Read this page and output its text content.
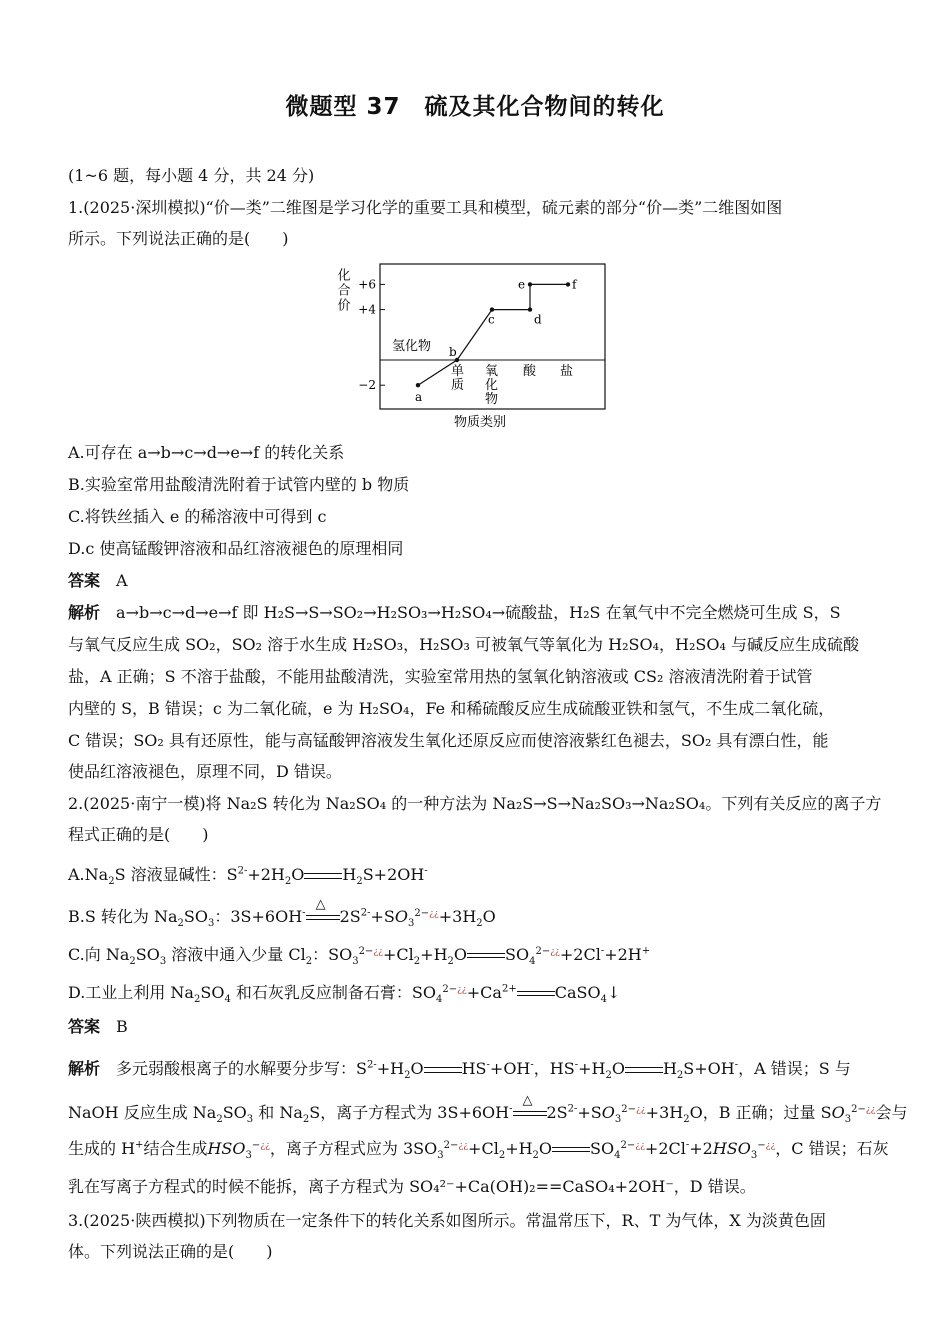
微题型 37　硫及其化合物间的转化
(1~6 题，每小题 4 分，共 24 分)
1.(2025·深圳模拟)“价—类”二维图是学习化学的重要工具和模型，硫元素的部分“价—类”二维图如图
所示。下列说法正确的是(　　)
化合价 +6
+4
−2
氢化物
单
质
氧
化
物
酸 盐
物质类别
a
b
c	d
e	f
A.可存在 a→b→c→d→e→f 的转化关系
B.实验室常用盐酸清洗附着于试管内壁的 b 物质
C.将铁丝插入 e 的稀溶液中可得到 c
D.c 使高锰酸钾溶液和品红溶液褪色的原理相同
答案　 A
解析　 a→b→c→d→e→f 即 H₂S→S→SO₂→H₂SO₃→H₂SO₄→硫酸盐，H₂S 在氧气中不完全燃烧可生成 S，S
与氧气反应生成 SO₂，SO₂ 溶于水生成 H₂SO₃，H₂SO₃ 可被氧气等氧化为 H₂SO₄，H₂SO₄ 与碱反应生成硫酸
盐，A 正确；S 不溶于盐酸，不能用盐酸清洗，实验室常用热的氢氧化钠溶液或 CS₂ 溶液清洗附着于试管
内壁的 S，B 错误；c 为二氧化硫，e 为 H₂SO₄，Fe 和稀硫酸反应生成硫酸亚铁和氢气，不生成二氧化硫，
C 错误；SO₂ 具有还原性，能与高锰酸钾溶液发生氧化还原反应而使溶液紫红色褪去，SO₂ 具有漂白性，能
使品红溶液褪色，原理不同，D 错误。
2.(2025·南宁一模)将 Na₂S 转化为 Na₂SO₄ 的一种方法为 Na₂S→S→Na₂SO₃→Na₂SO₄。下列有关反应的离子方
程式正确的是(　　)
$A.Na_2S$ 溶液显碱性：$S^{2-}+2H_2O$ $H_2S+2OH^-$
B.S 转化为 $Na_2SO_3$：3S+6OH-
△
$2S^{2-}+SO_3^{2-¿¿}+3H_2O$
C.向 $Na_2SO_3$ 溶液中通入少量 $Cl_2$：$SO_3^{2-¿¿}+Cl_2+H_2O$ $SO_4^{2-¿¿}+2Cl^-+2H^+$
D.工业上利用 $Na_2SO_4$ 和石灰乳反应制备石膏：$SO_4^{2-¿¿}+Ca^{2+}$ CaSO$_4$↓
答案　 B
解析　多元弱酸根离子的水解要分步写：$S^{2-}+H_2O$ HS-+OH-，$HS^-+H_2O$ $H_2S+OH^-$，A 错误；S 与
NaOH 反应生成 $Na_2SO_3$ 和 $Na_2S$，离子方程式为 3S+6OH-
△
$2S^{2-}+SO_3^{2-¿¿}+3H_2O$，B 正确；过量 $SO_3^{2-¿¿}$会与
生成的 H+结合生成$HSO_3^{-¿¿}$，离子方程式应为 $3SO_3^{2-¿¿}+Cl_2+H_2O$ $SO_4^{2-¿¿}+2Cl^-+2HSO_3^{-¿¿}$，C 错误；石灰
乳在写离子方程式的时候不能拆，离子方程式为 SO₄²⁻+Ca(OH)₂==CaSO₄+2OH⁻，D 错误。
3.(2025·陕西模拟)下列物质在一定条件下的转化关系如图所示。常温常压下，R、T 为气体，X 为淡黄色固
体。下列说法正确的是(　　)
